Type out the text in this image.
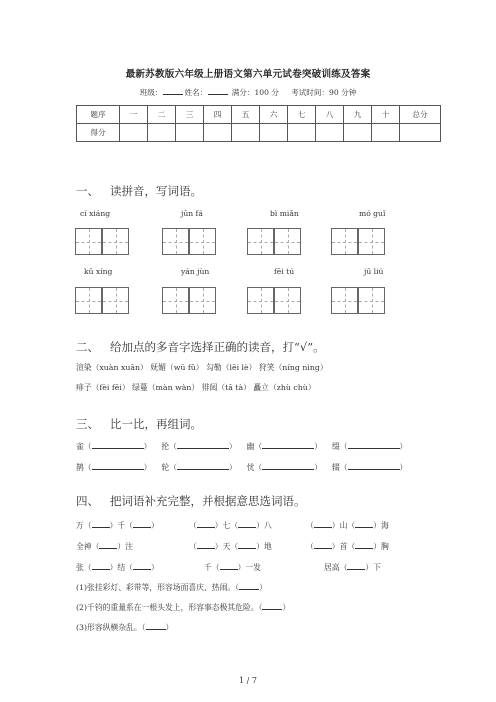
最新苏教版六年级上册语文第六单元试卷突破训练及答案
班级：	姓名：	满分：100 分 考试时间：90 分钟
题序	一	二	三	四	五	六	七	八	九	十	总分
得分											
一、 读拼音，写词语。
cí xiáng	jūn fá	bì miǎn	mó guǐ
kǔ xíng	yán jùn	fēi tú	jū liú
二、 给加点的多音字选择正确的读音，打“√”。
渲染（xuàn xuān） 妩媚（wǔ fǔ） 勾勒（lēi lè） 狩笑（níng nìng）
痱子（fèi fēi） 绿蔓（màn wàn） 徘闼（tā tà） 矗立（zhù chù）
三、 比一比，再组词。
雀（	）    抡（	）    幽（	）    缀（	）
鹊（	）    轮（	）    忧（	）    辍（	）
四、 把词语补充完整，并根据意思选词语。
万（ ）千（ ）	（ ）七（ ）八	（ ）山（ ）海
全神（ ）注	（ ）天（ ）地	（ ）首（ ）胸
张（ ）结（ ）	千（ ）一发	居高（ ）下
(1)张挂彩灯、彩带等，形容场面喜庆、热闹。（	）
(2)千钧的重量系在一根头发上，形容事态极其危险。（	）
(3)形容纵横杂乱。（	）
1 / 7
